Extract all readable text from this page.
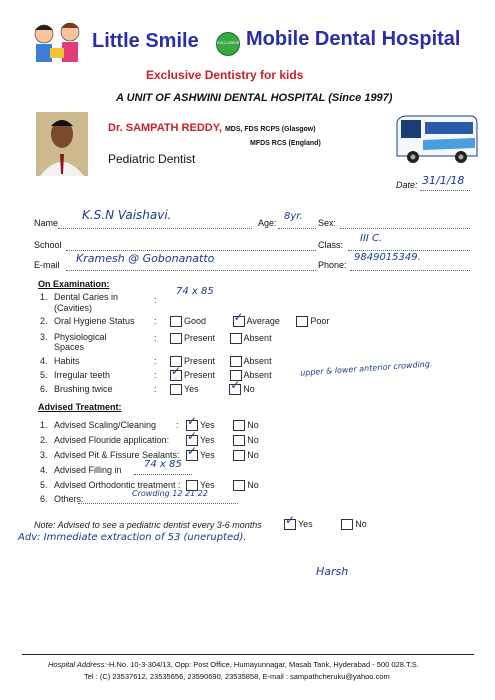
Little Smile	EXCLUSIVE Mobile Dental Hospital
Exclusive Dentistry for kids
A UNIT OF ASHWINI DENTAL HOSPITAL (Since 1997)
Dr. SAMPATH REDDY, MDS, FDS RCPS (Glasgow)
MFDS RCS (England)
Pediatric Dentist
Date: 31/1/18
Name
K.S.N Vaishavi.
Age:
8yr.
Sex:
School	Class:
III C.
E-mail Kramesh @ Gobonanatto	Phone:
9849015349.
On Examination:
1. Dental Caries in
(Cavities)
:
74 x 85
2. Oral Hygiene Status :	Good ✓ Average	Poor
3. Physiological
Spaces
:	Present	Absent
4. Habits	:	Present	Absent
5. Irregular teeth	: ✓ Present	Absent	upper & lower anterior crowding.
6. Brushing twice	:	Yes	✓ No
Advised Treatment:
1. Advised Scaling/Cleaning : ✓ Yes	No
2. Advised Flouride application: ✓ Yes	No
3. Advised Pit & Fissure Sealants: ✓ Yes	No
4. Advised Filling in 74 x 85
5. Advised Orthodontic treatment :	Yes	No
6. Others:
Crowding 12 21 22
Note: Advised to see a pediatric dentist every 3-6 months ✓ Yes	No
Adv: Immediate extraction of 53 (unerupted).
Harsh
Hospital Address:-H.No. 10-3-304/13, Opp: Post Office, Humayunnagar, Masab Tank, Hyderabad - 500 028.T.S.
Tel : (C) 23537612, 23535656, 23590690, 23535858, E-mail : sampathcheruku@yahoo.com
